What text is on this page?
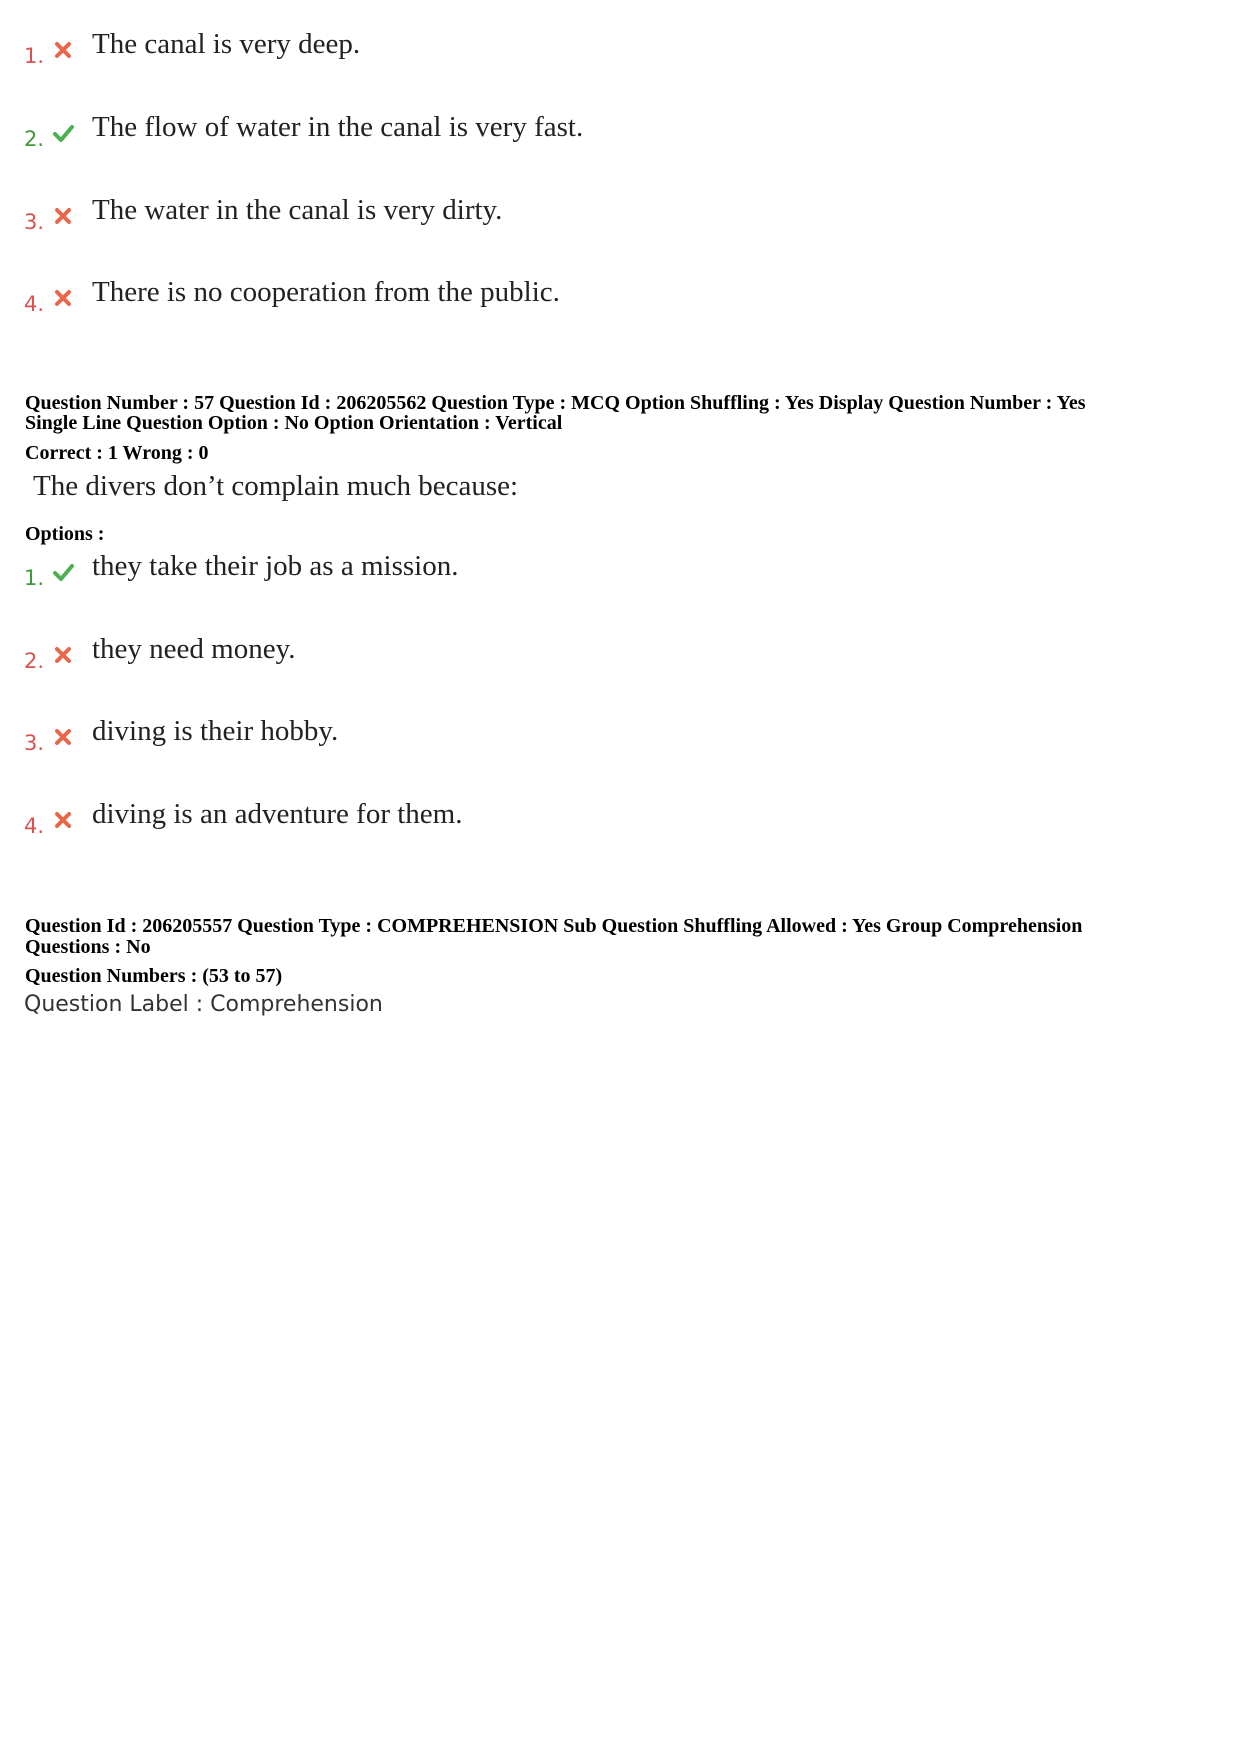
1. The canal is very deep.
2. The flow of water in the canal is very fast.
3. The water in the canal is very dirty.
4. There is no cooperation from the public.
Question Number : 57 Question Id : 206205562 Question Type : MCQ Option Shuffling : Yes Display Question Number : Yes
Single Line Question Option : No Option Orientation : Vertical
Correct : 1 Wrong : 0
The divers don’t complain much because:
Options :
1. they take their job as a mission.
2. they need money.
3. diving is their hobby.
4. diving is an adventure for them.
Question Id : 206205557 Question Type : COMPREHENSION Sub Question Shuffling Allowed : Yes Group Comprehension
Questions : No
Question Numbers : (53 to 57)
Question Label : Comprehension
